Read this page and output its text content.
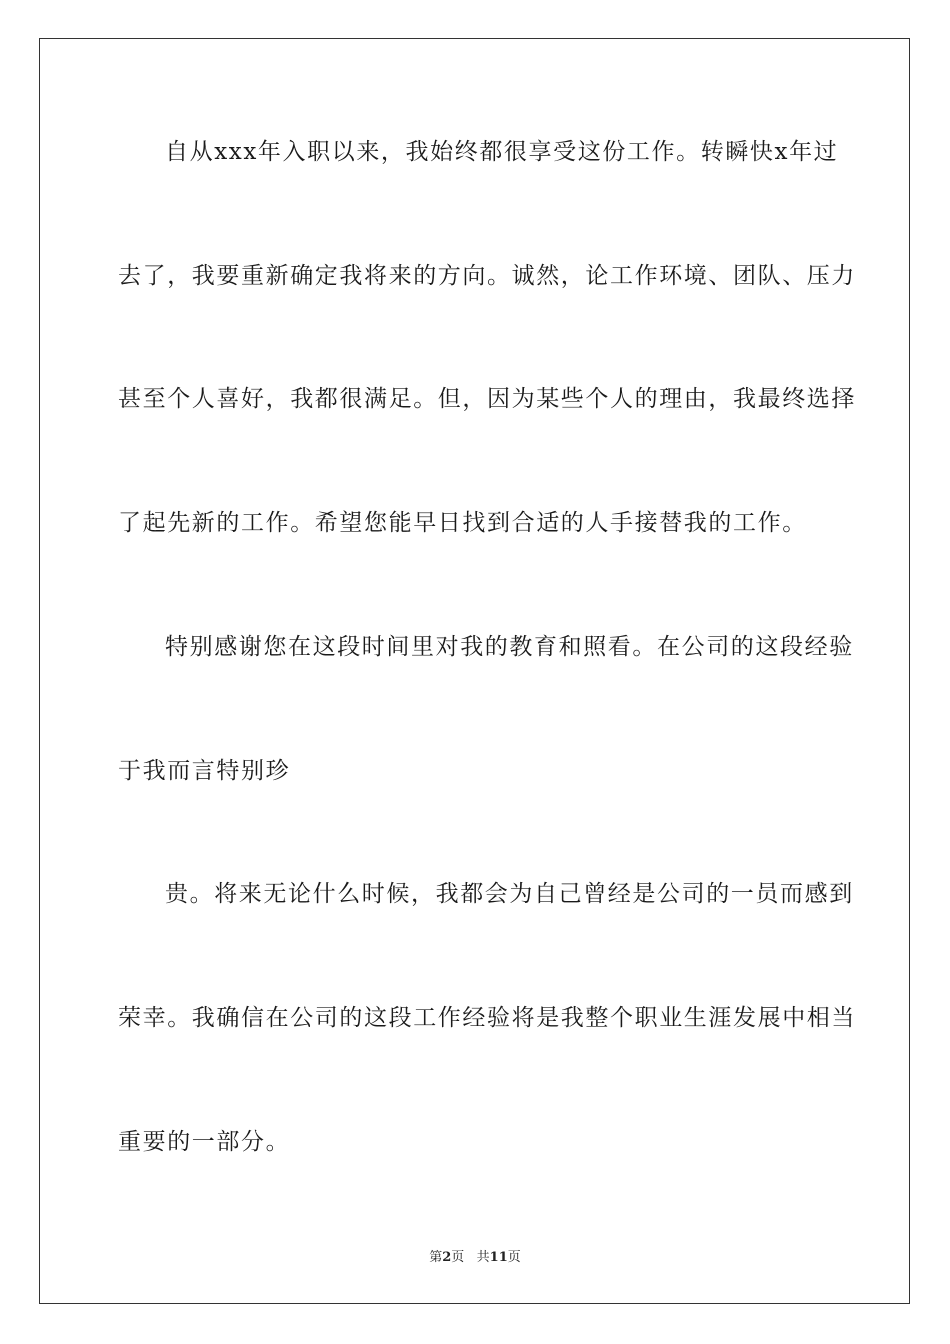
自从xxx年入职以来，我始终都很享受这份工作。转瞬快x年过
去了，我要重新确定我将来的方向。诚然，论工作环境、团队、压力
甚至个人喜好，我都很满足。但，因为某些个人的理由，我最终选择
了起先新的工作。希望您能早日找到合适的人手接替我的工作。
特别感谢您在这段时间里对我的教育和照看。在公司的这段经验
于我而言特别珍
贵。将来无论什么时候，我都会为自己曾经是公司的一员而感到
荣幸。我确信在公司的这段工作经验将是我整个职业生涯发展中相当
重要的一部分。
第2页   共11页
